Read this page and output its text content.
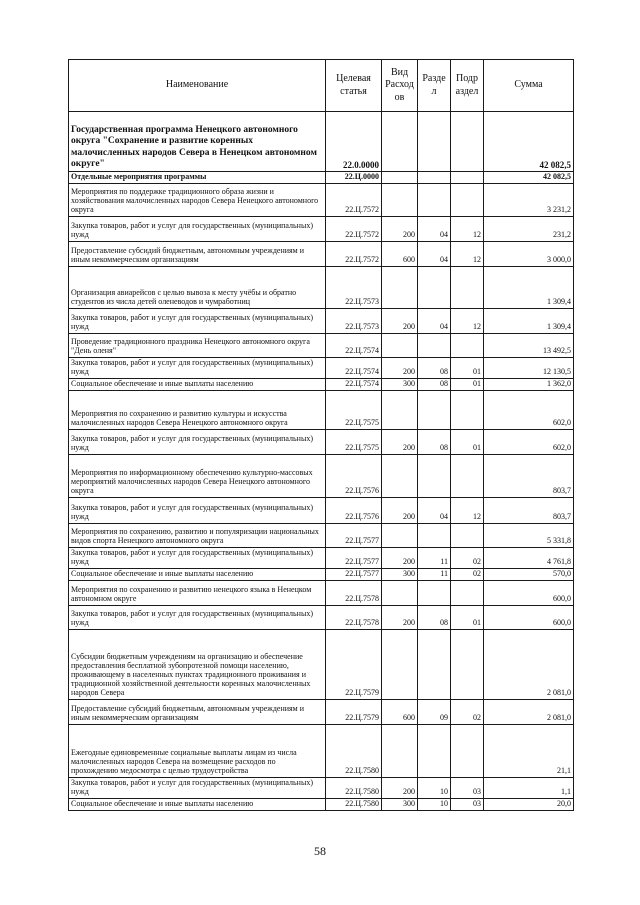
Наименование	Целевая статья	Вид Расход ов	Разде л	Подр аздел	Сумма
Государственная программа Ненецкого автономного округа "Сохранение и развитие коренных малочисленных народов Севера в Ненецком автономном округе"	22.0.0000				42 082,5
Отдельные мероприятия программы	22.Ц.0000				42 082,5
Мероприятия по поддержке традиционного образа жизни и хозяйствования малочисленных народов Севера Ненецкого автономного округа	22.Ц.7572				3 231,2
Закупка товаров, работ и услуг для государственных (муниципальных) нужд	22.Ц.7572	200	04	12	231,2
Предоставление субсидий бюджетным, автономным учреждениям и иным некоммерческим организациям	22.Ц.7572	600	04	12	3 000,0
Организация авиарейсов с целью вывоза к месту учёбы и обратно студентов из числа детей оленеводов и чумработниц	22.Ц.7573				1 309,4
Закупка товаров, работ и услуг для государственных (муниципальных) нужд	22.Ц.7573	200	04	12	1 309,4
Проведение традиционного праздника Ненецкого автономного округа "День оленя"	22.Ц.7574				13 492,5
Закупка товаров, работ и услуг для государственных (муниципальных) нужд	22.Ц.7574	200	08	01	12 130,5
Социальное обеспечение и иные выплаты населению	22.Ц.7574	300	08	01	1 362,0
Мероприятия по сохранению и развитию культуры и искусства малочисленных народов Севера Ненецкого автономного округа	22.Ц.7575				602,0
Закупка товаров, работ и услуг для государственных (муниципальных) нужд	22.Ц.7575	200	08	01	602,0
Мероприятия по информационному обеспечению культурно-массовых мероприятий малочисленных народов Севера Ненецкого автономного округа	22.Ц.7576				803,7
Закупка товаров, работ и услуг для государственных (муниципальных) нужд	22.Ц.7576	200	04	12	803,7
Мероприятия по сохранению, развитию и популяризации национальных видов спорта Ненецкого автономного округа	22.Ц.7577				5 331,8
Закупка товаров, работ и услуг для государственных (муниципальных) нужд	22.Ц.7577	200	11	02	4 761,8
Социальное обеспечение и иные выплаты населению	22.Ц.7577	300	11	02	570,0
Мероприятия по сохранению и развитию ненецкого языка в Ненецком автономном округе	22.Ц.7578				600,0
Закупка товаров, работ и услуг для государственных (муниципальных) нужд	22.Ц.7578	200	08	01	600,0
Субсидии бюджетным учреждениям на организацию и обеспечение предоставления бесплатной зубопротезной помощи населению, проживающему в населенных пунктах традиционного проживания и традиционной хозяйственной деятельности коренных малочисленных народов Севера	22.Ц.7579				2 081,0
Предоставление субсидий бюджетным, автономным учреждениям и иным некоммерческим организациям	22.Ц.7579	600	09	02	2 081,0
Ежегодные единовременные социальные выплаты лицам из числа малочисленных народов Севера на возмещение расходов по прохождению медосмотра с целью трудоустройства	22.Ц.7580				21,1
Закупка товаров, работ и услуг для государственных (муниципальных) нужд	22.Ц.7580	200	10	03	1,1
Социальное обеспечение и иные выплаты населению	22.Ц.7580	300	10	03	20,0
58
